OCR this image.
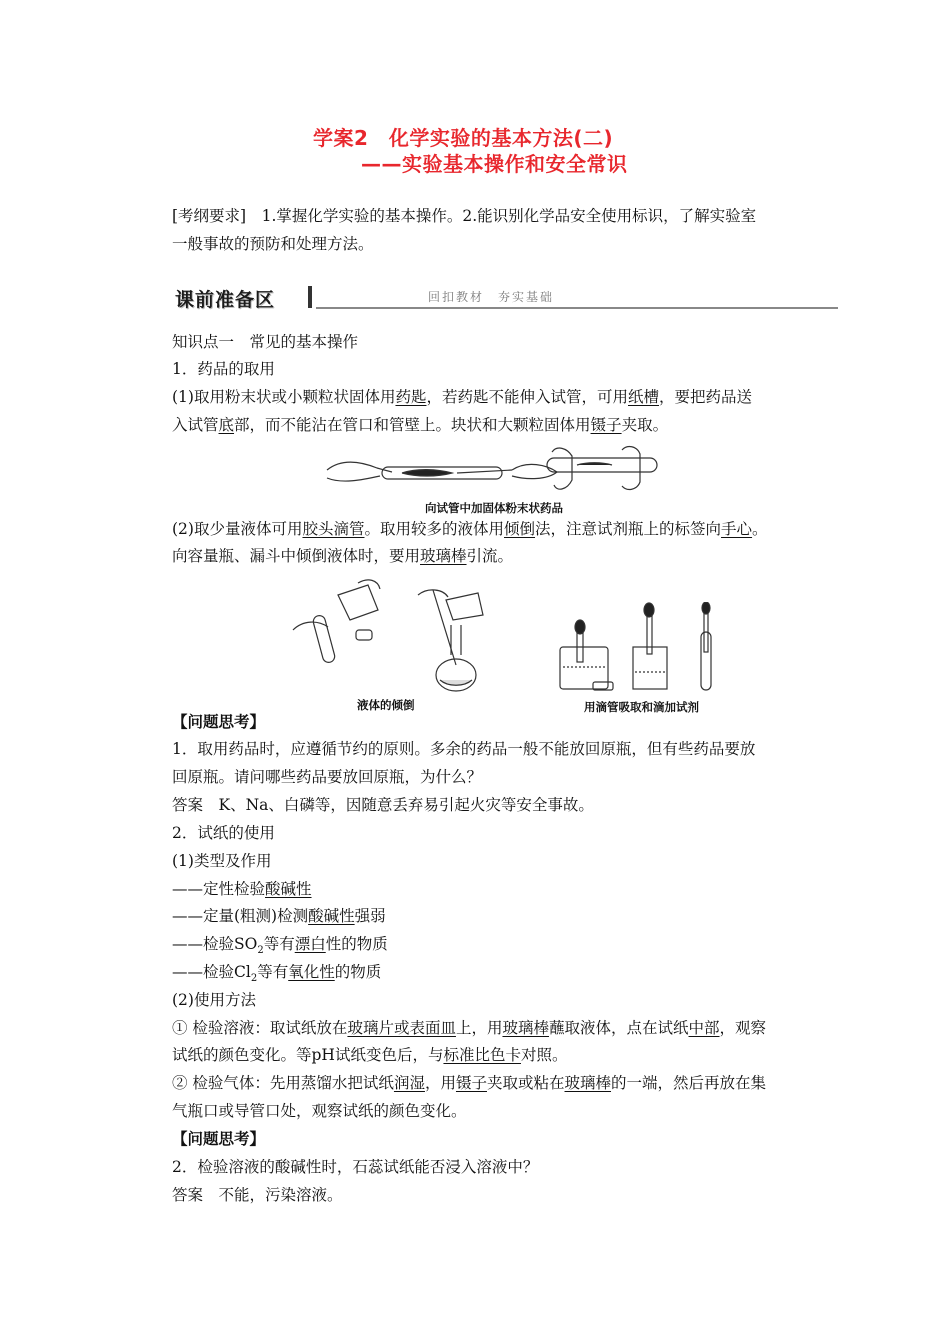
学案2　化学实验的基本方法(二)
——实验基本操作和安全常识
[考纲要求]　1.掌握化学实验的基本操作。2.能识别化学品安全使用标识，了解实验室
一般事故的预防和处理方法。
课前准备区	回扣教材　夯实基础
知识点一　常见的基本操作
1．药品的取用
(1)取用粉末状或小颗粒状固体用药匙，若药匙不能伸入试管，可用纸槽，要把药品送
入试管底部，而不能沾在管口和管壁上。块状和大颗粒固体用镊子夹取。
向试管中加固体粉末状药品
(2)取少量液体可用胶头滴管。取用较多的液体用倾倒法，注意试剂瓶上的标签向手心。
向容量瓶、漏斗中倾倒液体时，要用玻璃棒引流。
液体的倾倒	用滴管吸取和滴加试剂
【问题思考】
1．取用药品时，应遵循节约的原则。多余的药品一般不能放回原瓶，但有些药品要放
回原瓶。请问哪些药品要放回原瓶，为什么？
答案　K、Na、白磷等，因随意丢弃易引起火灾等安全事故。
2．试纸的使用
(1)类型及作用
——定性检验酸碱性
——定量(粗测)检测酸碱性强弱
——检验$SO_2$等有漂白性的物质
——检验$Cl_2$等有氧化性的物质
(2)使用方法
① 检验溶液：取试纸放在玻璃片或表面皿上，用玻璃棒蘸取液体，点在试纸中部，观察
试纸的颜色变化。等pH试纸变色后，与标准比色卡对照。
② 检验气体：先用蒸馏水把试纸润湿，用镊子夹取或粘在玻璃棒的一端，然后再放在集
气瓶口或导管口处，观察试纸的颜色变化。
【问题思考】
2．检验溶液的酸碱性时，石蕊试纸能否浸入溶液中？
答案　不能，污染溶液。
